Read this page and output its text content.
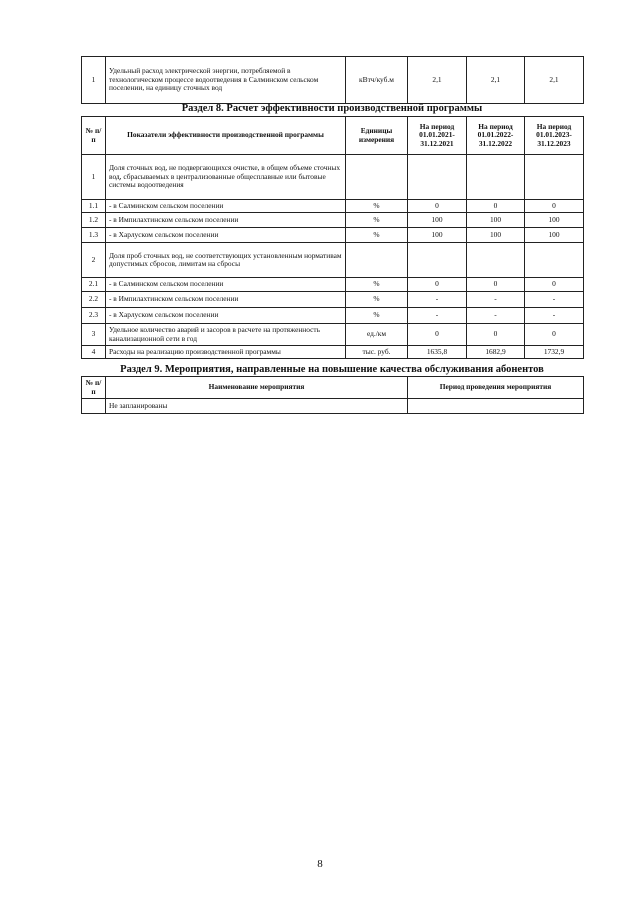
1	Удельный расход электрической энергии, потребляемой в технологическом процессе водоотведения в Салминском сельском поселении, на единицу сточных вод	кВтч/куб.м	2,1	2,1	2,1
Раздел 8. Расчет эффективности производственной программы
№ п/п	Показатели эффективности производственной программы	Единицы измерения	На период 01.01.2021- 31.12.2021	На период 01.01.2022- 31.12.2022	На период 01.01.2023- 31.12.2023
1	Доля сточных вод, не подвергающихся очистке, в общем объеме сточных вод, сбрасываемых в централизованные общесплавные или бытовые системы водоотведения				
1.1	- в Салминском сельском поселении	%	0	0	0
1.2	- в Импилахтинском сельском поселении	%	100	100	100
1.3	- в Харлуском сельском поселении	%	100	100	100
2	Доля проб сточных вод, не соответствующих установленным нормативам допустимых сбросов, лимитам на сбросы				
2.1	- в Салминском сельском поселении	%	0	0	0
2.2	- в Импилахтинском сельском поселении	%	-	-	-
2.3	- в Харлуском сельском поселении	%	-	-	-
3	Удельное количество аварий и засоров в расчете на протяженность канализационной сети в год	ед./км	0	0	0
4	Расходы на реализацию производственной программы	тыс. руб.	1635,8	1682,9	1732,9
Раздел 9. Мероприятия, направленные на повышение качества обслуживания абонентов
№ п/п	Наименование мероприятия	Период проведения мероприятия
	Не запланированы	
8
